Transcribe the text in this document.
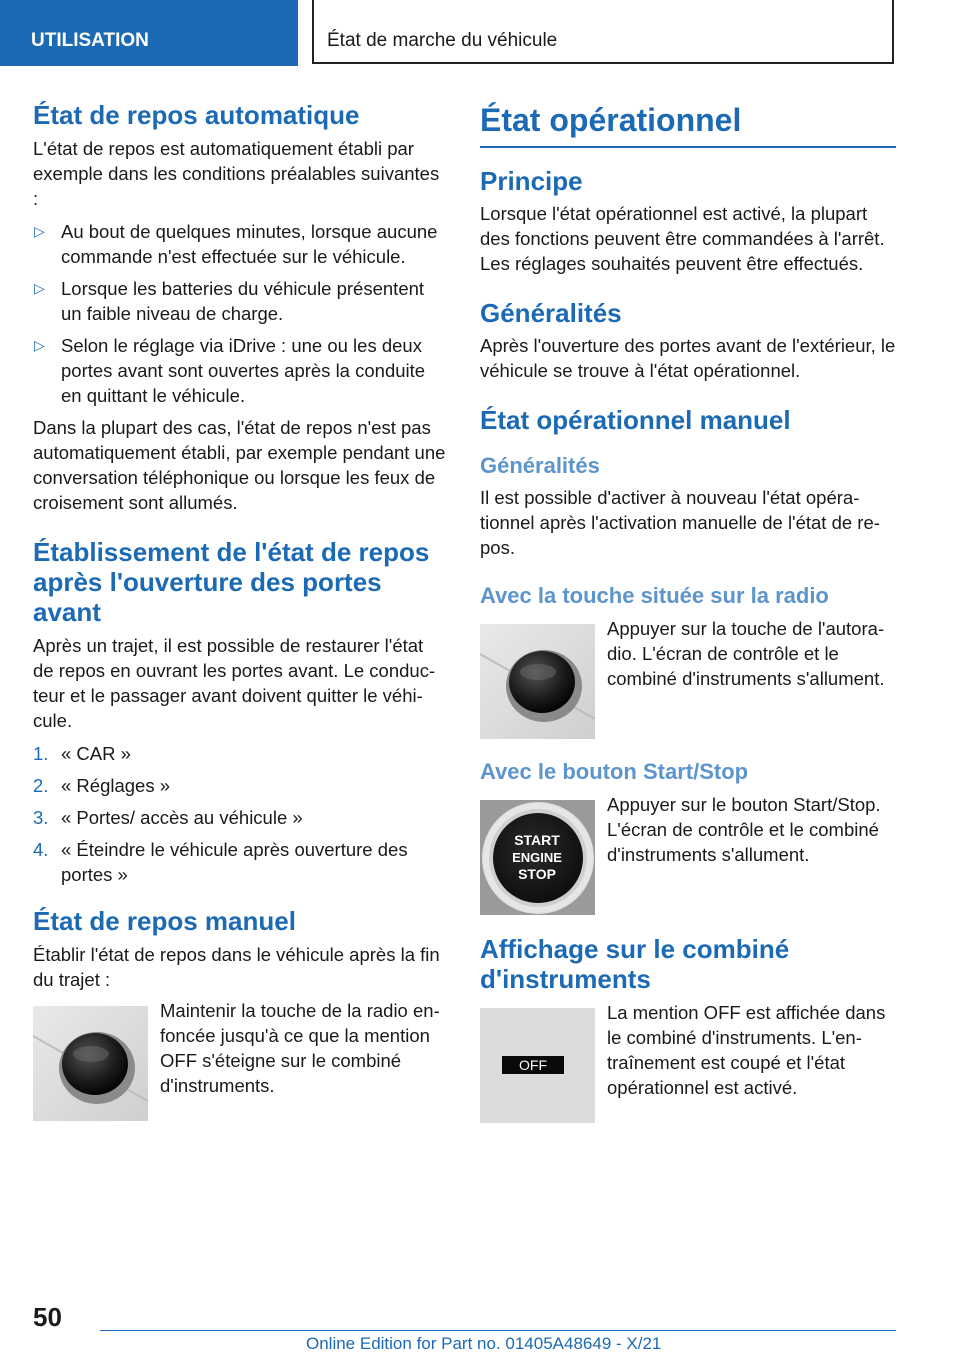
UTILISATION	État de marche du véhicule
État de repos automatique

L'état de repos est automatiquement établi par exemple dans les conditions préalables suivantes :

▷ Au bout de quelques minutes, lorsque aucune commande n'est effectuée sur le véhicule.
▷ Lorsque les batteries du véhicule présentent un faible niveau de charge.
▷ Selon le réglage via iDrive : une ou les deux portes avant sont ouvertes après la conduite en quittant le véhicule.

Dans la plupart des cas, l'état de repos n'est pas automatiquement établi, par exemple pendant une conversation téléphonique ou lorsque les feux de croisement sont allumés.

Établissement de l'état de repos après l'ouverture des portes avant

Après un trajet, il est possible de restaurer l'état de repos en ouvrant les portes avant. Le conducteur et le passager avant doivent quitter le véhicule.

1. « CAR »
2. « Réglages »
3. « Portes/ accès au véhicule »
4. « Éteindre le véhicule après ouverture des portes »
État de repos manuel

Établir l'état de repos dans le véhicule après la fin du trajet :

Maintenir la touche de la radio enfoncée jusqu'à ce que la mention OFF s'éteigne sur le combiné d'instruments.

État opérationnel
Principe

Lorsque l'état opérationnel est activé, la plupart des fonctions peuvent être commandées à l'arrêt. Les réglages souhaités peuvent être effectués.

Généralités

Après l'ouverture des portes avant de l'extérieur, le véhicule se trouve à l'état opérationnel.

État opérationnel manuel
Généralités

Il est possible d'activer à nouveau l'état opérationnel après l'activation manuelle de l'état de repos.

Avec la touche située sur la radio

Appuyer sur la touche de l'autoradio. L'écran de contrôle et le combiné d'instruments s'allument.

Avec le bouton Start/Stop
START
ENGINE
STOP

Appuyer sur le bouton Start/Stop. L'écran de contrôle et le combiné d'instruments s'allument.

Affichage sur le combiné d'instruments
OFF

La mention OFF est affichée dans le combiné d'instruments. L'entraînement est coupé et l'état opérationnel est activé.

50
Online Edition for Part no. 01405A48649 - X/21
